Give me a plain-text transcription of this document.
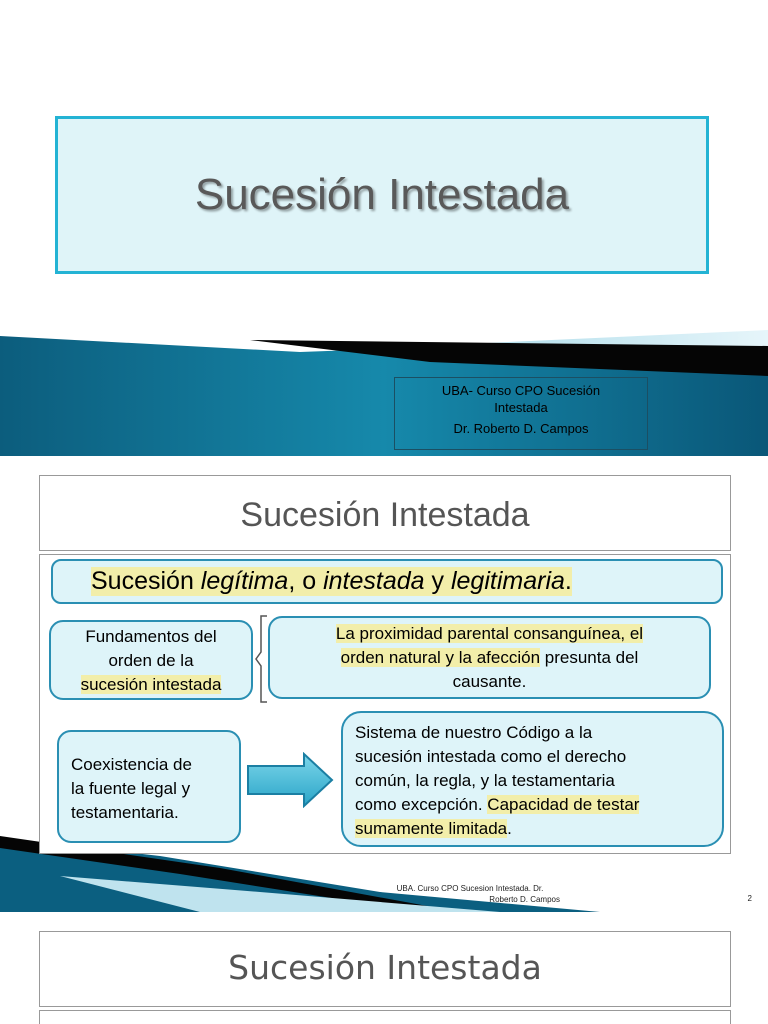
Sucesión Intestada
UBA- Curso CPO Sucesión
Intestada
Dr. Roberto D. Campos
Sucesión Intestada
Sucesión legítima, o intestada y legitimaria.
Fundamentos del
orden de la
sucesión intestada
La proximidad parental consanguínea, el
orden natural y la afección presunta del
causante.
Coexistencia de
la fuente legal y
testamentaria.
Sistema de nuestro Código a la
sucesión intestada como el derecho
común, la regla, y la testamentaria
como excepción. Capacidad de testar
sumamente limitada.
UBA. Curso CPO Sucesion Intestada. Dr.
Roberto D. Campos	2
Sucesión Intestada
